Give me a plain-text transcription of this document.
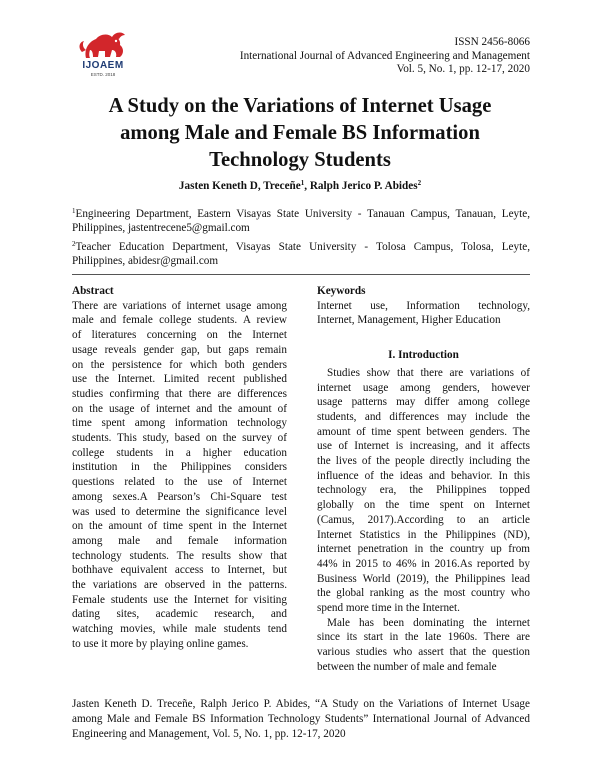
IJOAEM
ESTD. 2018
ISSN 2456-8066
International Journal of Advanced Engineering and Management
Vol. 5, No. 1, pp. 12-17, 2020
A Study on the Variations of Internet Usage
among Male and Female BS Information
Technology Students
Jasten Keneth D, Treceñe$^1$, Ralph Jerico P. Abides$^2$

$^1$Engineering Department, Eastern Visayas State University - Tanauan Campus, Tanauan, Leyte, Philippines, jastentrecene5@gmail.com

$^2$Teacher Education Department, Visayas State University - Tolosa Campus, Tolosa, Leyte, Philippines, abidesr@gmail.com

Abstract
There are variations of internet usage among
male and female college students. A review
of literatures concerning on the Internet
usage reveals gender gap, but gaps remain
on the persistence for which both genders
use the Internet. Limited recent published
studies confirming that there are differences
on the usage of internet and the amount of
time spent among information technology
students. This study, based on the survey of
college students in a higher education
institution in the Philippines considers
questions related to the use of Internet
among sexes.A Pearson’s Chi-Square test
was used to determine the significance level
on the amount of time spent in the Internet
among male and female information
technology students. The results show that
bothhave equivalent access to Internet, but
the variations are observed in the patterns.
Female students use the Internet for visiting
dating sites, academic research, and
watching movies, while male students tend
to use it more by playing online games.
Keywords
Internet use, Information technology,
Internet, Management, Higher Education
I. Introduction
Studies show that there are variations of
internet usage among genders, however
usage patterns may differ among college
students, and differences may include the
amount of time spent between genders. The
use of Internet is increasing, and it affects
the lives of the people directly including the
influence of the ideas and behavior. In this
technology era, the Philippines topped
globally on the time spent on Internet
(Camus, 2017).According to an article
Internet Statistics in the Philippines (ND),
internet penetration in the country up from
44% in 2015 to 46% in 2016.As reported by
Business World (2019), the Philippines lead
the global ranking as the most country who
spend more time in the Internet.
Male has been dominating the internet
since its start in the late 1960s. There are
various studies who assert that the question
between the number of male and female
Jasten Keneth D. Treceñe, Ralph Jerico P. Abides, “A Study on the Variations of Internet Usage among Male and Female BS Information Technology Students” International Journal of Advanced Engineering and Management, Vol. 5, No. 1, pp. 12-17, 2020
